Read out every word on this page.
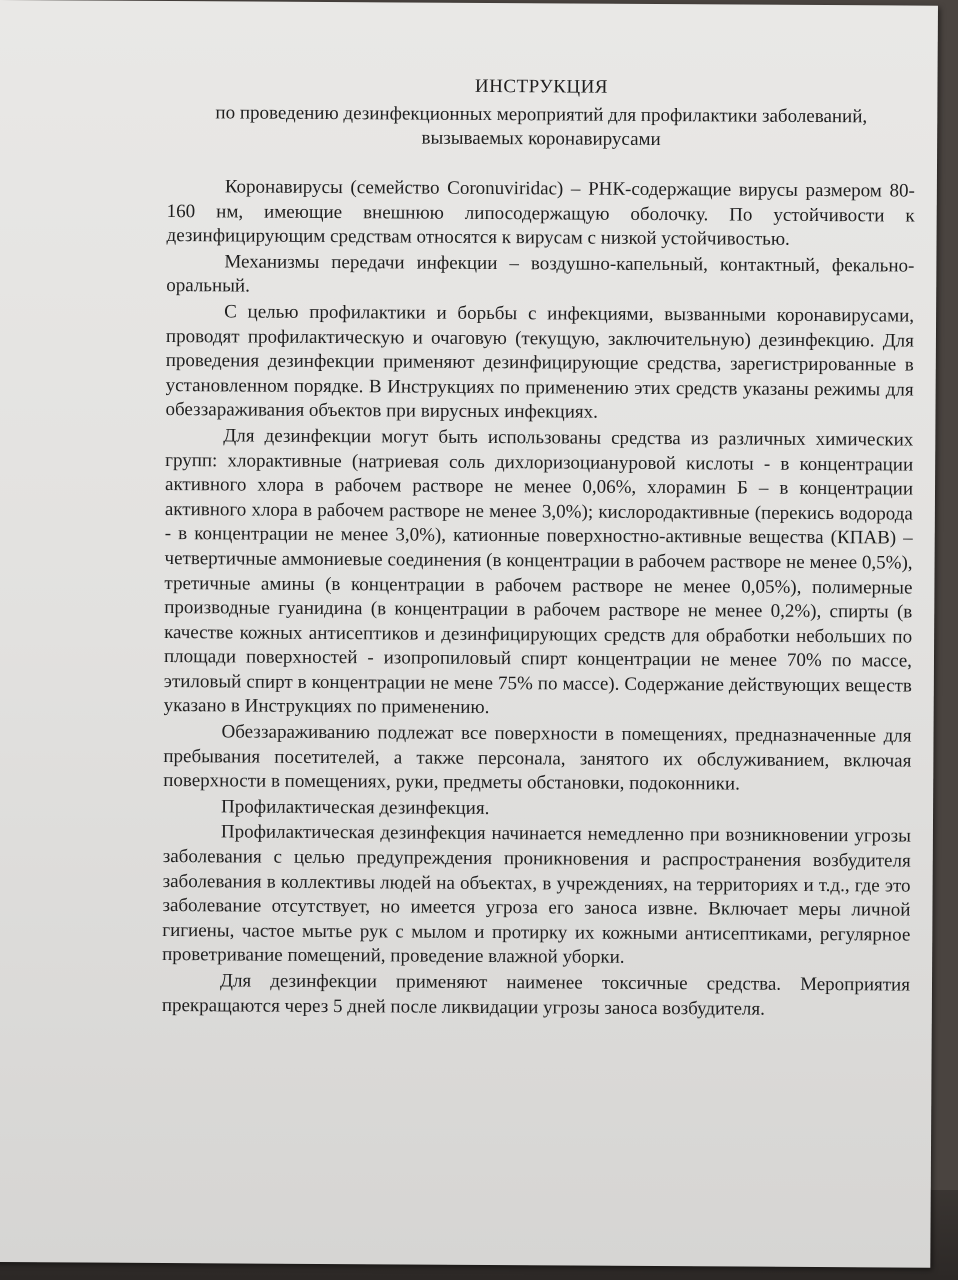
ИНСТРУКЦИЯ
по проведению дезинфекционных мероприятий для профилактики заболеваний,
вызываемых коронавирусами

Коронавирусы (семейство Coronuviridac) – РНК-содержащие вирусы размером 80-160 нм, имеющие внешнюю липосодержащую оболочку. По устойчивости к дезинфицирующим средствам относятся к вирусам с низкой устойчивостью.

Механизмы передачи инфекции – воздушно-капельный, контактный, фекально-оральный.

С целью профилактики и борьбы с инфекциями, вызванными коронавирусами, проводят профилактическую и очаговую (текущую, заключительную) дезинфекцию. Для проведения дезинфекции применяют дезинфицирующие средства, зарегистрированные в установленном порядке. В Инструкциях по применению этих средств указаны режимы для обеззараживания объектов при вирусных инфекциях.

Для дезинфекции могут быть использованы средства из различных химических групп: хлорактивные (натриевая соль дихлоризоциануровой кислоты - в концентрации активного хлора в рабочем растворе не менее 0,06%, хлорамин Б – в концентрации активного хлора в рабочем растворе не менее 3,0%); кислородактивные (перекись водорода - в концентрации не менее 3,0%), катионные поверхностно-активные вещества (КПАВ) – четвертичные аммониевые соединения (в концентрации в рабочем растворе не менее 0,5%), третичные амины (в концентрации в рабочем растворе не менее 0,05%), полимерные производные гуанидина (в концентрации в рабочем растворе не менее 0,2%), спирты (в качестве кожных антисептиков и дезинфицирующих средств для обработки небольших по площади поверхностей - изопропиловый спирт концентрации не менее 70% по массе, этиловый спирт в концентрации не мене 75% по массе). Содержание действующих веществ указано в Инструкциях по применению.

Обеззараживанию подлежат все поверхности в помещениях, предназначенные для пребывания посетителей, а также персонала, занятого их обслуживанием, включая поверхности в помещениях, руки, предметы обстановки, подоконники.

Профилактическая дезинфекция.

Профилактическая дезинфекция начинается немедленно при возникновении угрозы заболевания с целью предупреждения проникновения и распространения возбудителя заболевания в коллективы людей на объектах, в учреждениях, на территориях и т.д., где это заболевание отсутствует, но имеется угроза его заноса извне. Включает меры личной гигиены, частое мытье рук с мылом и протирку их кожными антисептиками, регулярное проветривание помещений, проведение влажной уборки.

Для дезинфекции применяют наименее токсичные средства. Мероприятия прекращаются через 5 дней после ликвидации угрозы заноса возбудителя.
